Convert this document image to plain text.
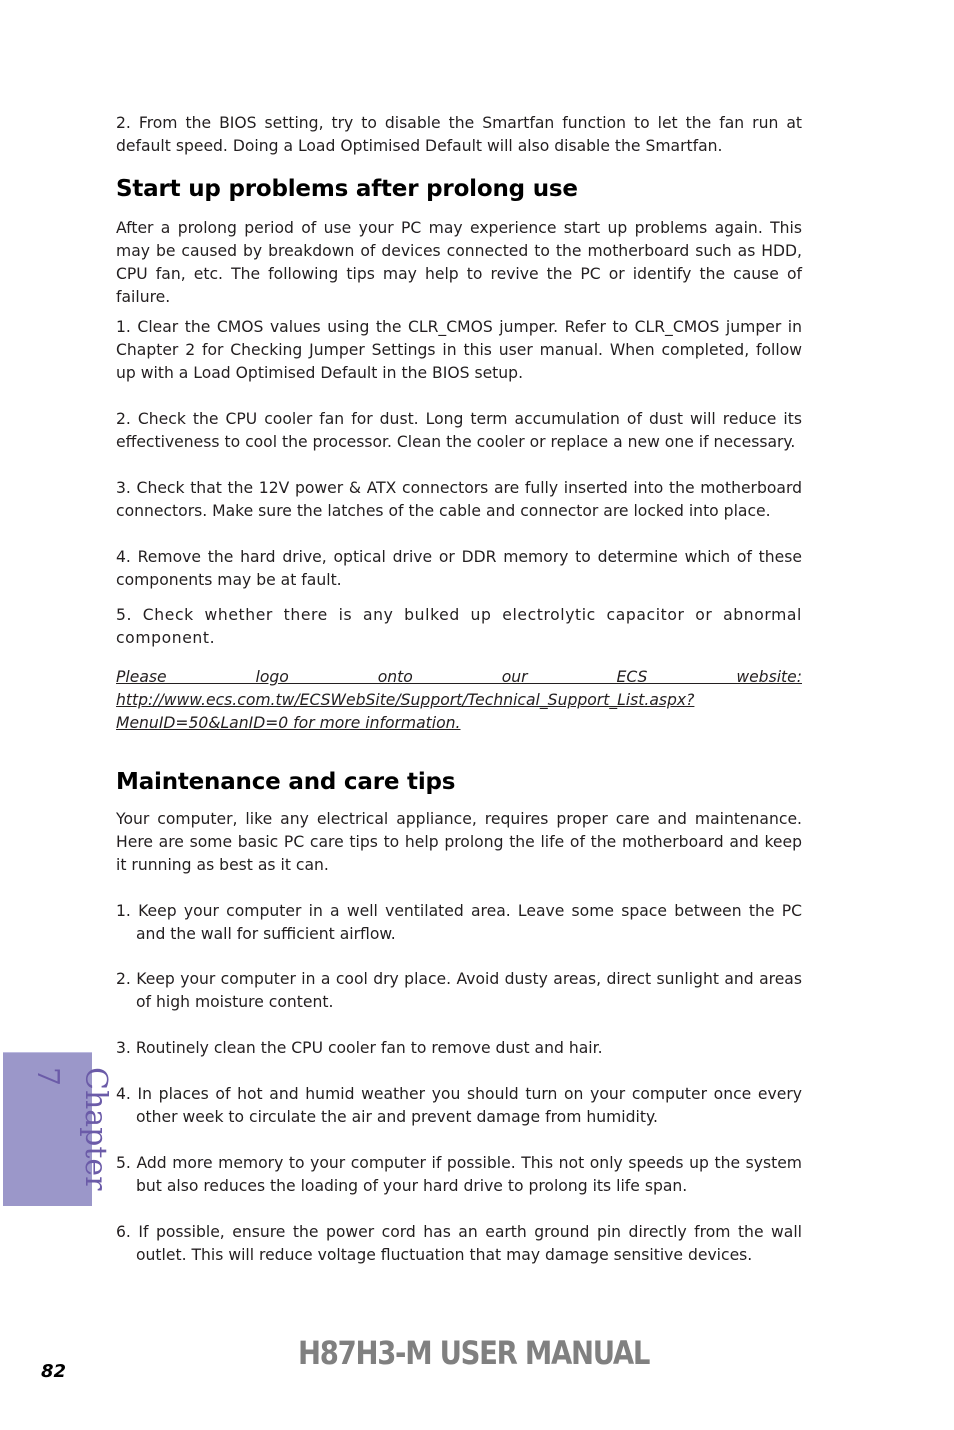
2. From the BIOS setting, try to disable the Smartfan function to let the fan run at default speed. Doing a Load Optimised Default will also disable the Smartfan.

Start up problems after prolong use

After a prolong period of use your PC may experience start up problems again. This may be caused by breakdown of devices connected to the motherboard such as HDD, CPU fan, etc. The following tips may help to revive the PC or identify the cause of failure.

1. Clear the CMOS values using the CLR_CMOS jumper. Refer to CLR_CMOS jumper in Chapter 2 for Checking Jumper Settings in this user manual. When completed, follow up with a Load Optimised Default in the BIOS setup.

2. Check the CPU cooler fan for dust. Long term accumulation of dust will reduce its effectiveness to cool the processor. Clean the cooler or replace a new one if necessary.

3. Check that the 12V power & ATX connectors are fully inserted into the motherboard connectors. Make sure the latches of the cable and connector are locked into place.

4. Remove the hard drive, optical drive or DDR memory to determine which of these components may be at fault.

5. Check whether there is any bulked up electrolytic capacitor or abnormal component.

Please logo onto our ECS website: http://www.ecs.com.tw/ECSWebSite/Support/Technical_Support_List.aspx?MenuID=50&LanID=0 for more information.

Maintenance and care tips

Your computer, like any electrical appliance, requires proper care and maintenance. Here are some basic PC care tips to help prolong the life of the motherboard and keep it running as best as it can.

1. Keep your computer in a well ventilated area. Leave some space between the PC and the wall for sufficient airflow.

2. Keep your computer in a cool dry place. Avoid dusty areas, direct sunlight and areas of high moisture content.

3. Routinely clean the CPU cooler fan to remove dust and hair.

4. In places of hot and humid weather you should turn on your computer once every other week to circulate the air and prevent damage from humidity.

5. Add more memory to your computer if possible. This not only speeds up the system but also reduces the loading of your hard drive to prolong its life span.

6. If possible, ensure the power cord has an earth ground pin directly from the wall outlet. This will reduce voltage fluctuation that may damage sensitive devices.

Chapter 7
82	H87H3-M USER MANUAL
